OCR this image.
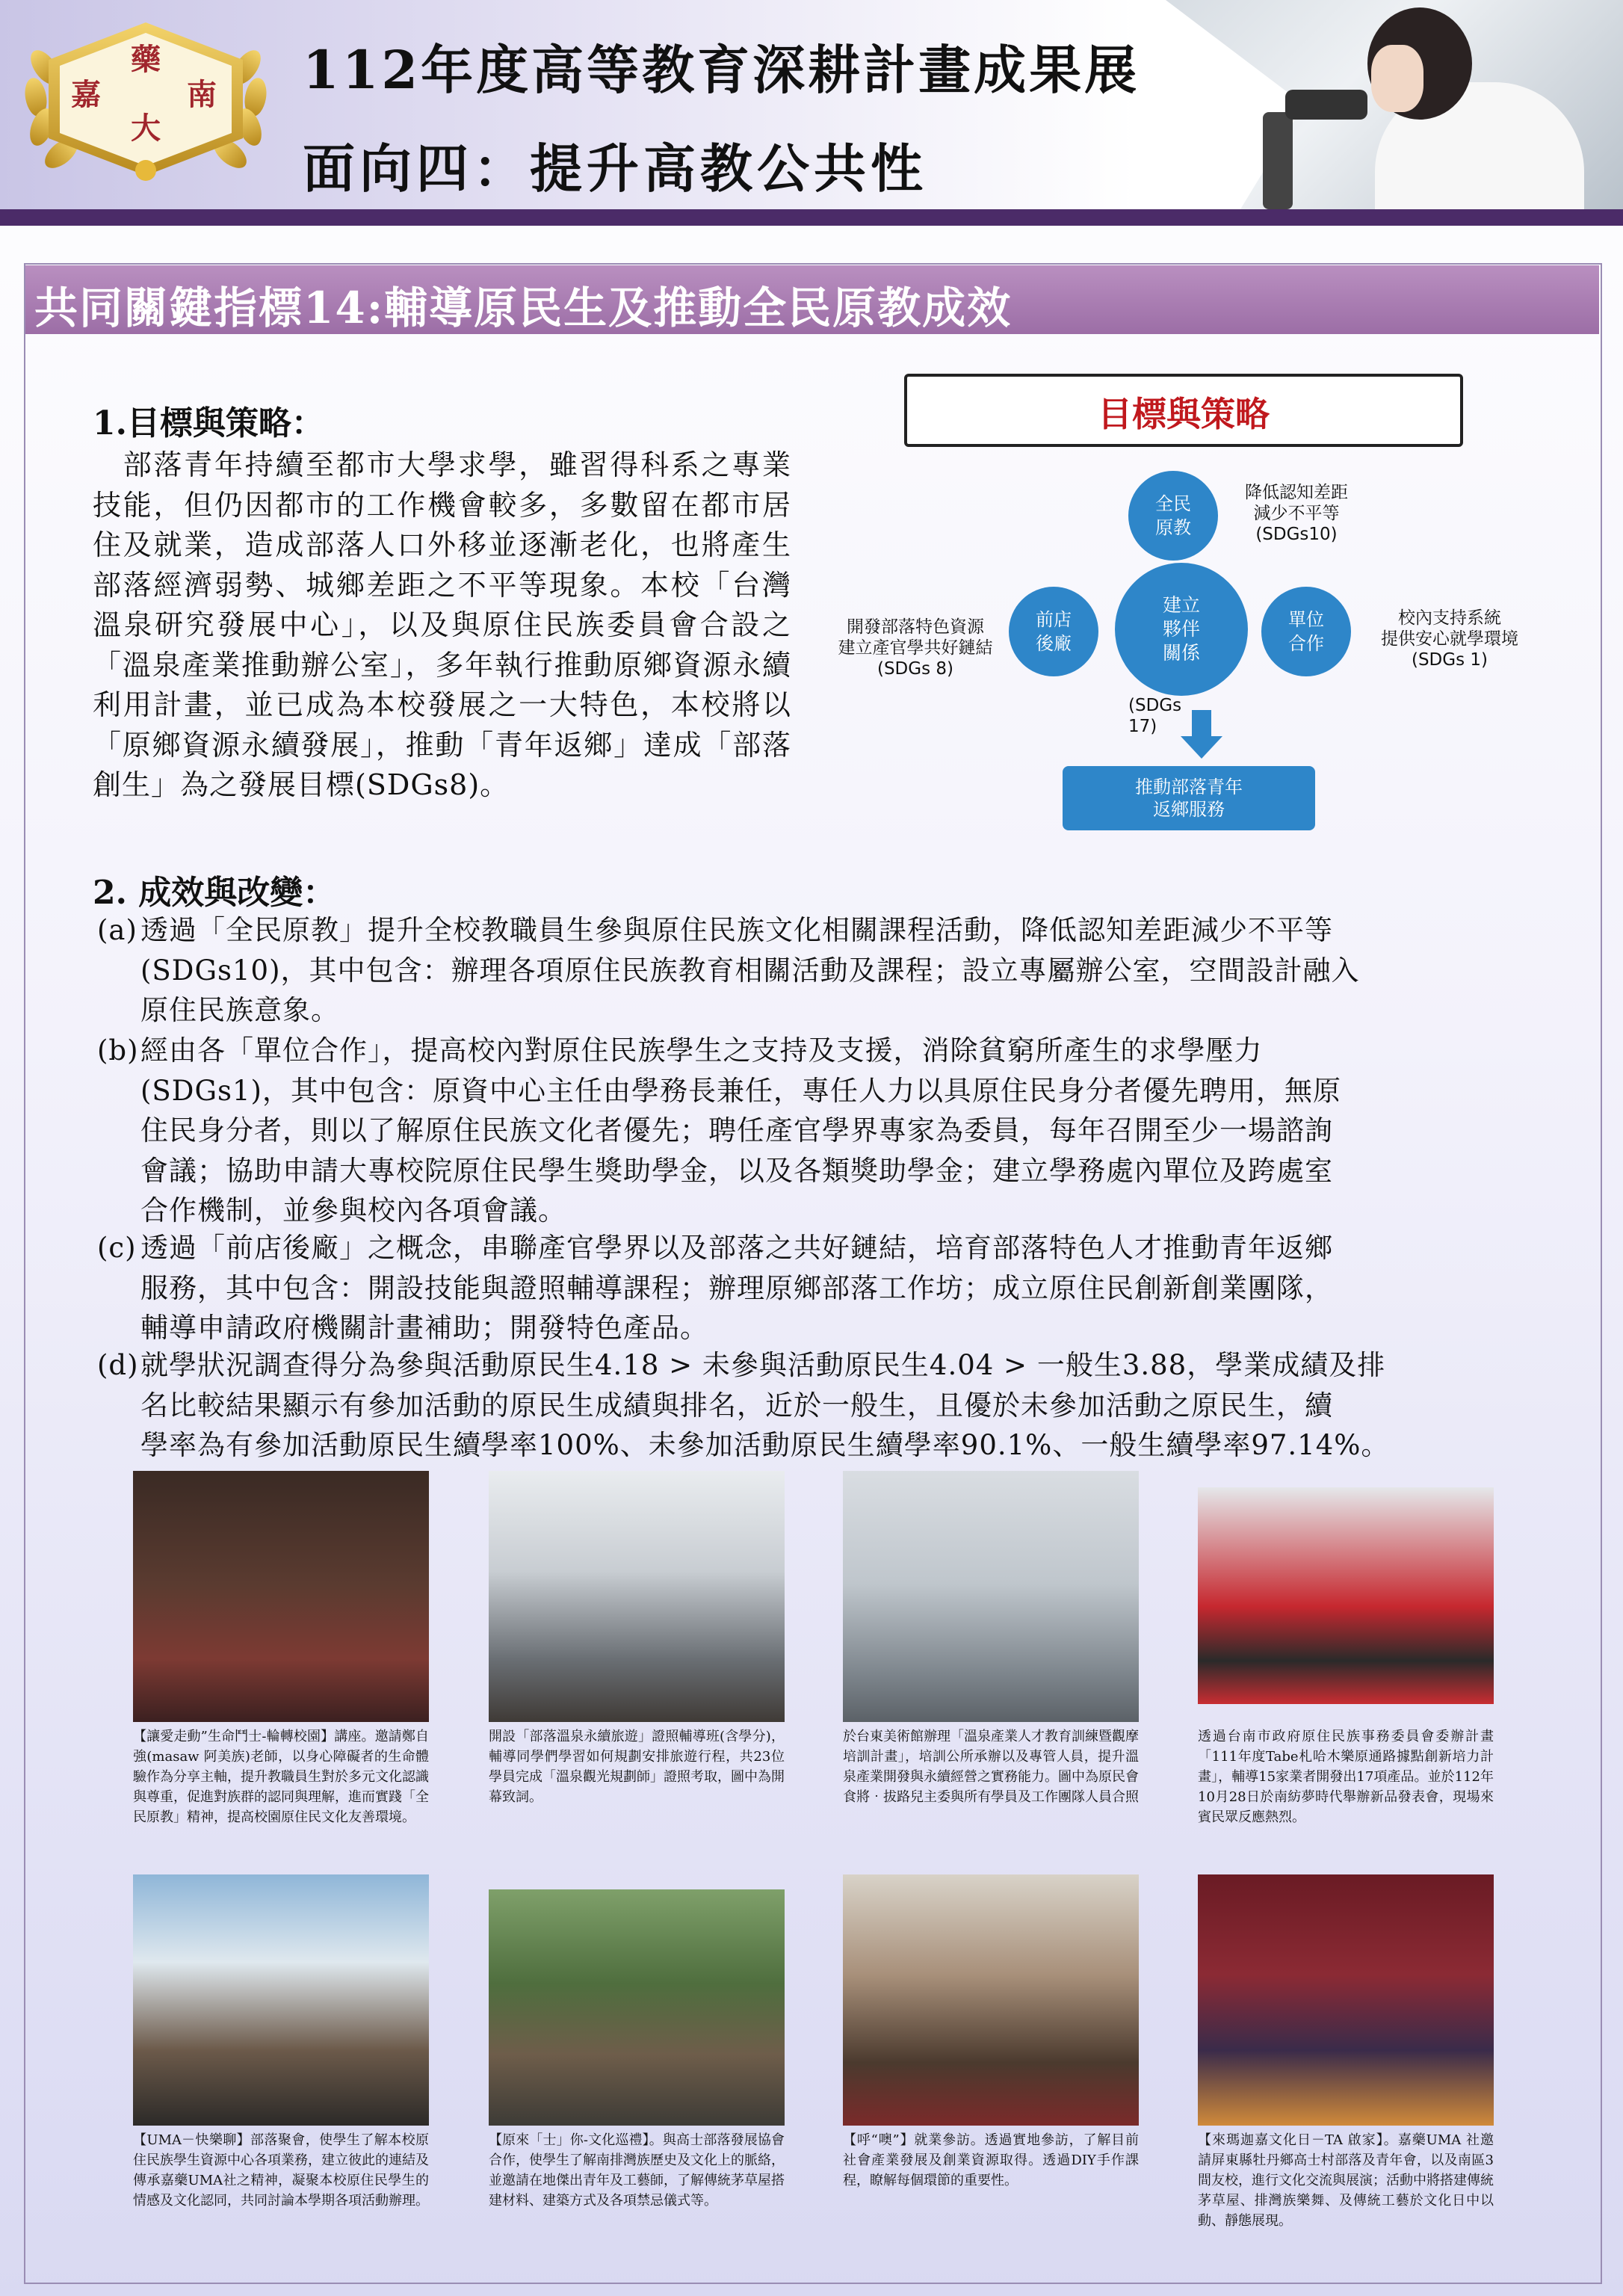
嘉
藥
南
大
112年度高等教育深耕計畫成果展
面向四：提升高教公共性
共同關鍵指標14:輔導原民生及推動全民原教成效
1.目標與策略：

 部落青年持續至都市大學求學，雖習得科系之專業技能，但仍因都市的工作機會較多，多數留在都市居住及就業，造成部落人口外移並逐漸老化，也將產生部落經濟弱勢、城鄉差距之不平等現象。本校「台灣溫泉研究發展中心」，以及與原住民族委員會合設之「溫泉產業推動辦公室」，多年執行推動原鄉資源永續利用計畫，並已成為本校發展之一大特色，本校將以「原鄉資源永續發展」，推動「青年返鄉」達成「部落創生」為之發展目標(SDGs8)。

目標與策略
全民
原教
降低認知差距
減少不平等
(SDGs10)
前店
後廠
開發部落特色資源
建立產官學共好鏈結
(SDGs 8)
建立
夥伴
關係
單位
合作
校內支持系統
提供安心就學環境
(SDGs 1)
(SDGs
17)
推動部落青年
返鄉服務
2. 成效與改變：
(a) 透過「全民原教」提升全校教職員生參與原住民族文化相關課程活動，降低認知差距減少不平等
(SDGs10)，其中包含：辦理各項原住民族教育相關活動及課程；設立專屬辦公室，空間設計融入
原住民族意象。
(b)經由各「單位合作」，提高校內對原住民族學生之支持及支援，消除貧窮所產生的求學壓力
(SDGs1)，其中包含：原資中心主任由學務長兼任，專任人力以具原住民身分者優先聘用，無原
住民身分者，則以了解原住民族文化者優先；聘任產官學界專家為委員，每年召開至少一場諮詢
會議；協助申請大專校院原住民學生獎助學金，以及各類獎助學金；建立學務處內單位及跨處室
合作機制，並參與校內各項會議。
(c) 透過「前店後廠」之概念，串聯產官學界以及部落之共好鏈結，培育部落特色人才推動青年返鄉
服務，其中包含：開設技能與證照輔導課程；辦理原鄉部落工作坊；成立原住民創新創業團隊，
輔導申請政府機關計畫補助；開發特色產品。
(d)就學狀況調查得分為參與活動原民生4.18 > 未參與活動原民生4.04 > 一般生3.88，學業成績及排
名比較結果顯示有參加活動的原民生成績與排名，近於一般生，且優於未參加活動之原民生，續
學率為有參加活動原民生續學率100%、未參加活動原民生續學率90.1%、一般生續學率97.14%。

【讓愛走動”生命鬥士-輪轉校園】講座。邀請鄭自強(masaw 阿美族)老師，以身心障礙者的生命體驗作為分享主軸，提升教職員生對於多元文化認識與尊重，促進對族群的認同與理解，進而實踐「全民原教」精神，提高校園原住民文化友善環境。

開設「部落溫泉永續旅遊」證照輔導班(含學分)，輔導同學們學習如何規劃安排旅遊行程，共23位學員完成「溫泉觀光規劃師」證照考取，圖中為開幕致詞。

於台東美術館辦理「溫泉產業人才教育訓練暨觀摩培訓計畫」，培訓公所承辦以及專管人員，提升溫泉產業開發與永續經營之實務能力。圖中為原民會食將‧拔路兒主委與所有學員及工作團隊人員合照

透過台南市政府原住民族事務委員會委辦計畫「111年度Tabe札哈木樂原通路據點創新培力計畫」，輔導15家業者開發出17項產品。並於112年10月28日於南紡夢時代舉辦新品發表會，現場來賓民眾反應熱烈。

【UMA－快樂聊】部落聚會，使學生了解本校原住民族學生資源中心各項業務，建立彼此的連結及傳承嘉藥UMA社之精神，凝聚本校原住民學生的情感及文化認同，共同討論本學期各項活動辦理。

【原來「士」你-文化巡禮】。與高士部落發展協會合作，使學生了解南排灣族歷史及文化上的脈絡，並邀請在地傑出青年及工藝師，了解傳統茅草屋搭建材料、建築方式及各項禁忌儀式等。

【呼“噢”】就業參訪。透過實地參訪，了解目前社會產業發展及創業資源取得。透過DIY手作課程，瞭解每個環節的重要性。

【來瑪迦嘉文化日－TA 啟家】。嘉藥UMA 社邀請屏東縣牡丹鄉高士村部落及青年會，以及南區3間友校，進行文化交流與展演；活動中將搭建傳統茅草屋、排灣族樂舞、及傳統工藝於文化日中以動、靜態展現。
